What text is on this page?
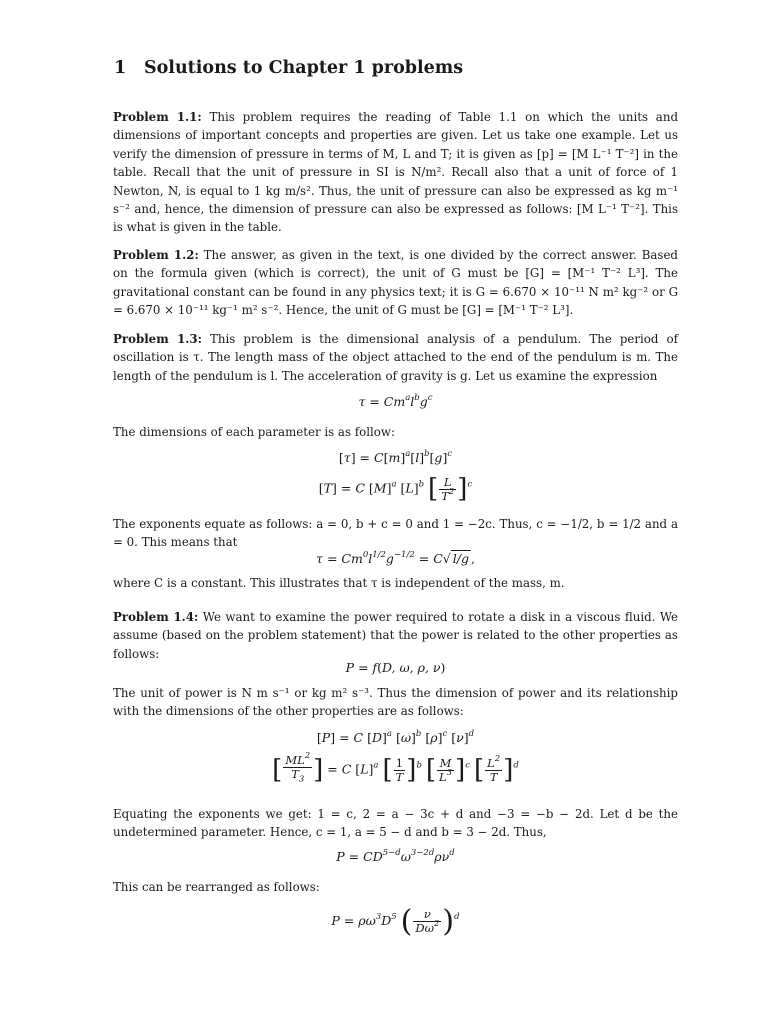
1 Solutions to Chapter 1 problems
Problem 1.1: This problem requires the reading of Table 1.1 on which the units and dimensions of important concepts and properties are given. Let us take one example. Let us verify the dimension of pressure in terms of M, L and T; it is given as [p] = [M L⁻¹ T⁻²] in the table. Recall that the unit of pressure in SI is N/m². Recall also that a unit of force of 1 Newton, N, is equal to 1 kg m/s². Thus, the unit of pressure can also be expressed as kg m⁻¹ s⁻² and, hence, the dimension of pressure can also be expressed as follows: [M L⁻¹ T⁻²]. This is what is given in the table.
Problem 1.2: The answer, as given in the text, is one divided by the correct answer. Based on the formula given (which is correct), the unit of G must be [G] = [M⁻¹ T⁻² L³]. The gravitational constant can be found in any physics text; it is G = 6.670 × 10⁻¹¹ N m² kg⁻² or G = 6.670 × 10⁻¹¹ kg⁻¹ m² s⁻². Hence, the unit of G must be [G] = [M⁻¹ T⁻² L³].
Problem 1.3: This problem is the dimensional analysis of a pendulum. The period of oscillation is τ. The length mass of the object attached to the end of the pendulum is m. The length of the pendulum is l. The acceleration of gravity is g. Let us examine the expression
$\tau = Cm^al^bg^c$
The dimensions of each parameter is as follow:
$[\tau] = C[m]^a[l]^b[g]^c$
[T] = C $[M]^a$ $[L]^b$ [ $\frac{L}{T^2} ]^c$
The exponents equate as follows: a = 0, b + c = 0 and 1 = −2c. Thus, c = −1/2, b = 1/2 and a = 0. This means that
$\tau = Cm^0l^{1/2}g^{-1/2} = C√$ l/g ,
where C is a constant. This illustrates that τ is independent of the mass, m.
Problem 1.4: We want to examine the power required to rotate a disk in a viscous fluid. We assume (based on the problem statement) that the power is related to the other properties as follows:
P = f(D, ω, ρ, ν)
The unit of power is N m s⁻¹ or kg m² s⁻³. Thus the dimension of power and its relationship with the dimensions of the other properties are as follows:
[P] = C $[D]^a$ $[\omega]^b$ $[\rho]^c$ $[\nu]^d$
[ $\frac{ML^2}{T_3}$ ] = C $[L]^a$ [ $\frac{1}{T} ]^b$ [ $\frac{M}{L^3} ]^c$ [ $\frac{L^2}{T} ]^d$
Equating the exponents we get: 1 = c, 2 = a − 3c + d and −3 = −b − 2d. Let d be the undetermined parameter. Hence, c = 1, a = 5 − d and b = 3 − 2d. Thus,
$P = CD^{5-d}\omega^{3-2d}\rho\nu^d$
This can be rearranged as follows:
$P = \rho\omega^3D^5$ ( $\frac{\nu}{D\omega^2} )^d$
